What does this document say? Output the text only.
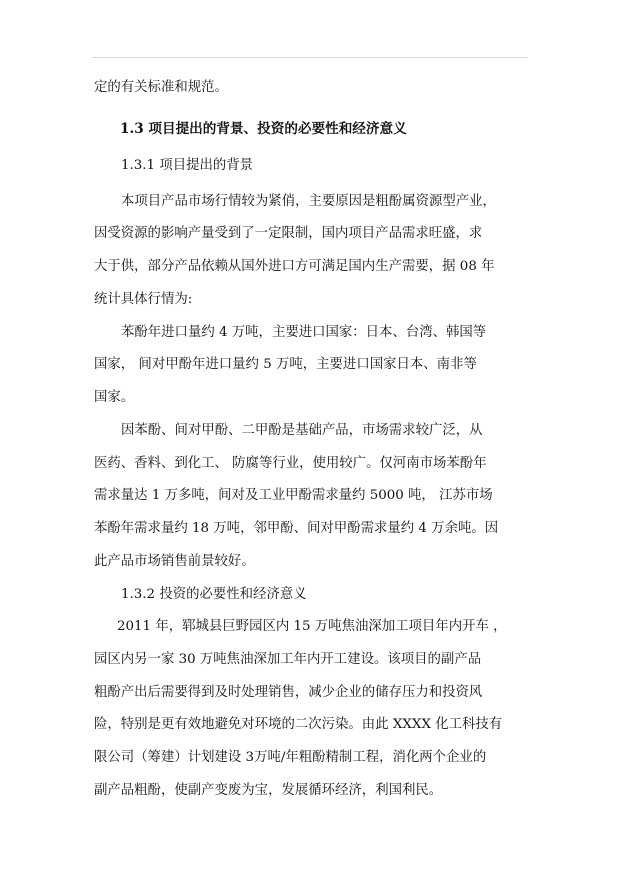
定的有关标准和规范。
1.3 项目提出的背景、投资的必要性和经济意义
1.3.1 项目提出的背景
本项目产品市场行情较为紧俏，主要原因是粗酚属资源型产业，
因受资源的影响产量受到了一定限制，国内项目产品需求旺盛，求
大于供，部分产品依赖从国外进口方可满足国内生产需要，据 08 年
统计具体行情为:
苯酚年进口量约 4 万吨，主要进口国家：日本、台湾、韩国等
国家， 间对甲酚年进口量约 5 万吨，主要进口国家日本、南非等
国家。
因苯酚、间对甲酚、二甲酚是基础产品，市场需求较广泛，从
医药、香料、到化工、 防腐等行业，使用较广。仅河南市场苯酚年
需求量达 1 万多吨，间对及工业甲酚需求量约 5000 吨， 江苏市场
苯酚年需求量约 18 万吨，邻甲酚、间对甲酚需求量约 4 万余吨。因
此产品市场销售前景较好。
1.3.2 投资的必要性和经济意义
2011 年，郓城县巨野园区内 15 万吨焦油深加工项目年内开车 ，
园区内另一家 30 万吨焦油深加工年内开工建设。该项目的副产品
粗酚产出后需要得到及时处理销售，减少企业的储存压力和投资风
险，特别是更有效地避免对环境的二次污染。由此 XXXX 化工科技有
限公司（筹建）计划建设 3万吨/年粗酚精制工程，消化两个企业的
副产品粗酚，使副产变废为宝，发展循环经济，利国利民。
